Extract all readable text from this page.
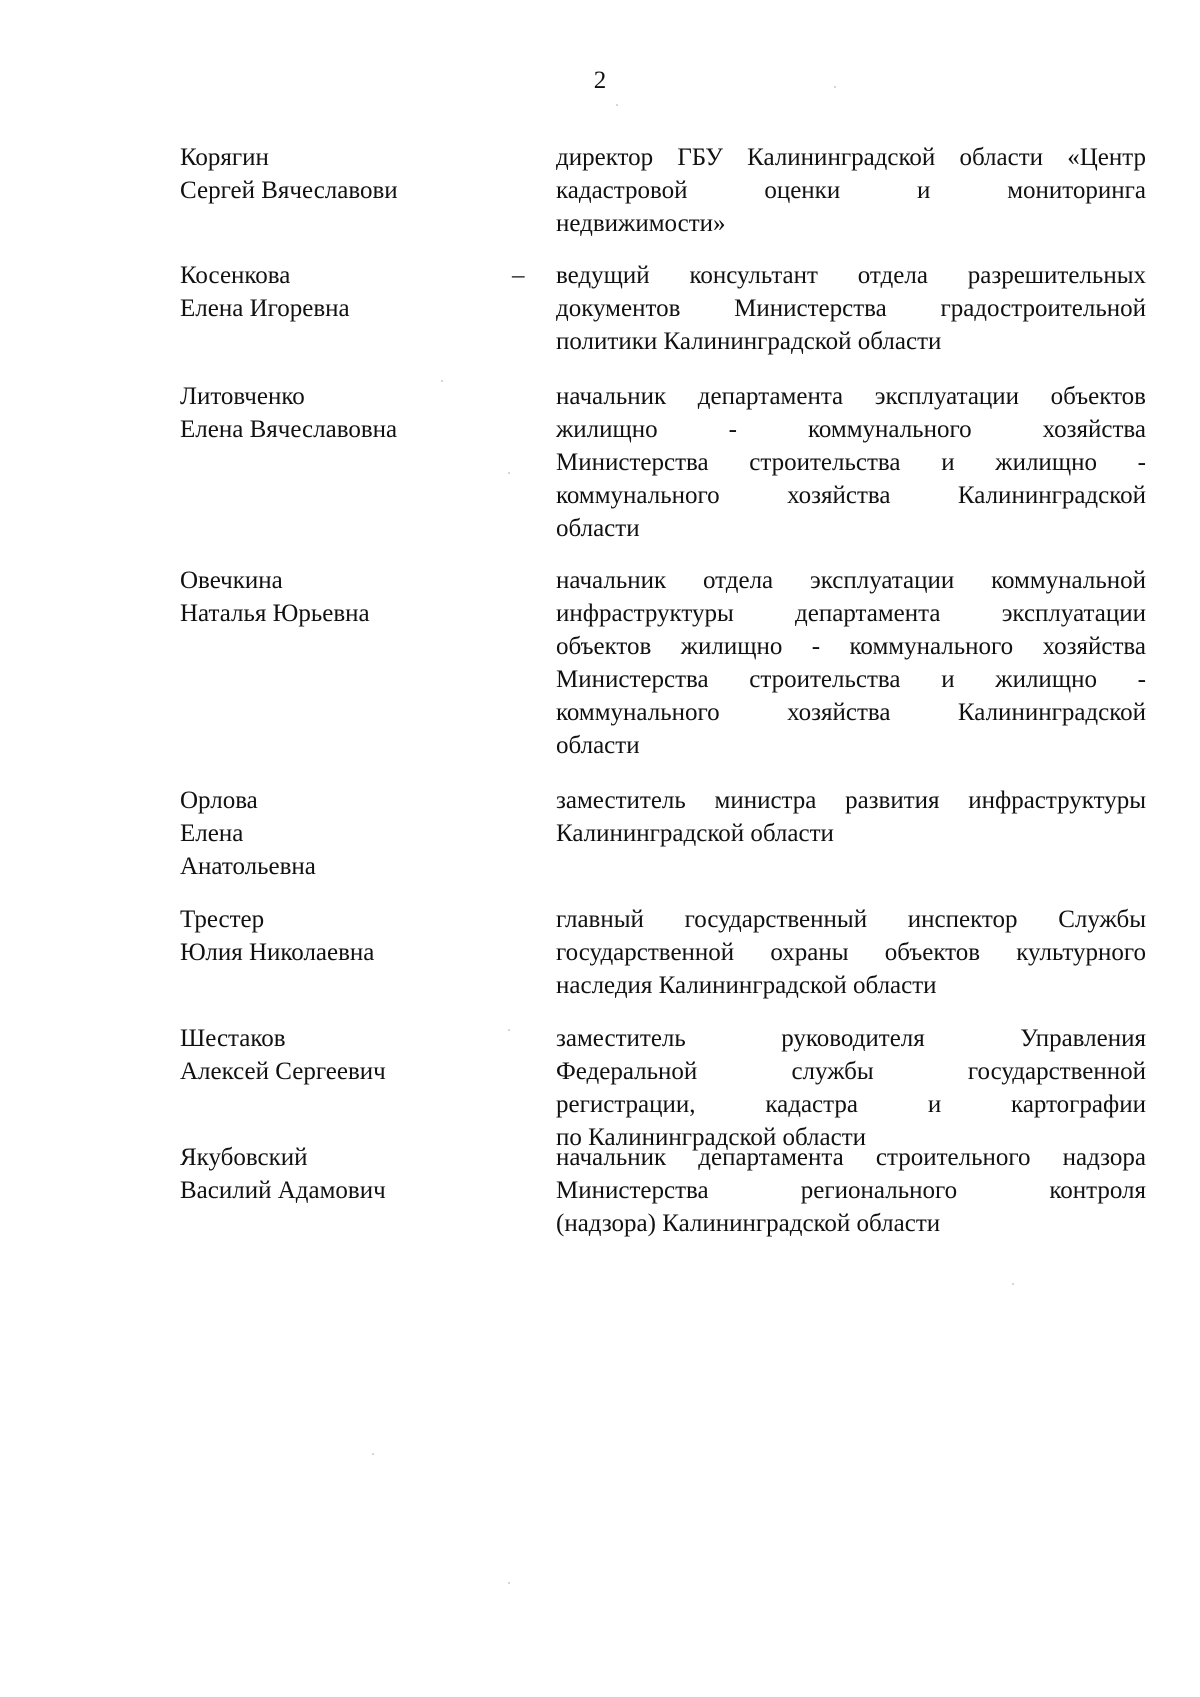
2
Корягин
Сергей Вячеславови
директор ГБУ Калининградской области «Центр
кадастровой оценки и мониторинга
недвижимости»
Косенкова
Елена Игоревна
– ведущий консультант отдела разрешительных
документов Министерства градостроительной
политики Калининградской области
Литовченко
Елена Вячеславовна
начальник департамента эксплуатации объектов
жилищно - коммунального хозяйства
Министерства строительства и жилищно -
коммунального хозяйства Калининградской
области
Овечкина
Наталья Юрьевна
начальник отдела эксплуатации коммунальной
инфраструктуры департамента эксплуатации
объектов жилищно - коммунального хозяйства
Министерства строительства и жилищно -
коммунального хозяйства Калининградской
области
Орлова
Елена
Анатольевна
заместитель министра развития инфраструктуры
Калининградской области
Трестер
Юлия Николаевна
главный государственный инспектор Службы
государственной охраны объектов культурного
наследия Калининградской области
Шестаков
Алексей Сергеевич
заместитель руководителя Управления
Федеральной службы государственной
регистрации, кадастра и картографии
по Калининградской области
Якубовский
Василий Адамович
начальник департамента строительного надзора
Министерства регионального контроля
(надзора) Калининградской области
